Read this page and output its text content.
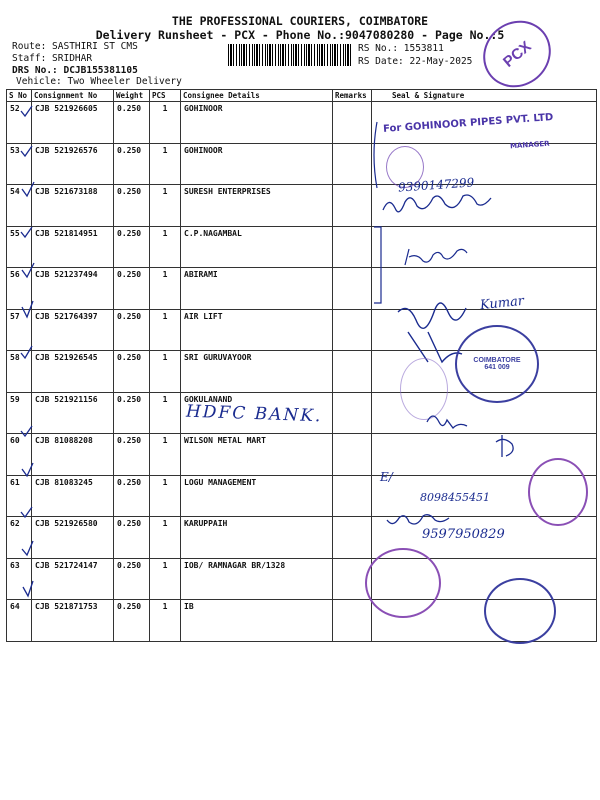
THE PROFESSIONAL COURIERS, COIMBATORE
Delivery Runsheet - PCX - Phone No.:9047080280 - Page No.:5
Route: SASTHIRI ST CMS
Staff: SRIDHAR
DRS No.: DCJB155381105
Vehicle: Two Wheeler Delivery
RS No.: 1553811
RS Date: 22-May-2025 PCX
S No	Consignment No	Weight	PCS	Consignee Details	Remarks	Seal & Signature
52	CJB 521926605	0.250	1	GOHINOOR		
53	CJB 521926576	0.250	1	GOHINOOR		
54	CJB 521673188	0.250	1	SURESH ENTERPRISES		
55	CJB 521814951	0.250	1	C.P.NAGAMBAL		
56	CJB 521237494	0.250	1	ABIRAMI		
57	CJB 521764397	0.250	1	AIR LIFT		
58	CJB 521926545	0.250	1	SRI GURUVAYOOR		
59	CJB 521921156	0.250	1	GOKULANAND		
60	CJB 81088208	0.250	1	WILSON METAL MART		
61	CJB 81083245	0.250	1	LOGU MANAGEMENT		
62	CJB 521926580	0.250	1	KARUPPAIH		
63	CJB 521724147	0.250	1	IOB/ RAMNAGAR BR/1328		
64	CJB 521871753	0.250	1	IB		
For GOHINOOR PIPES PVT. LTD
MANAGER
9390147299
Kumar
COIMBATORE
641 009
HDFC BANK.
E/
8098455451
9597950829
